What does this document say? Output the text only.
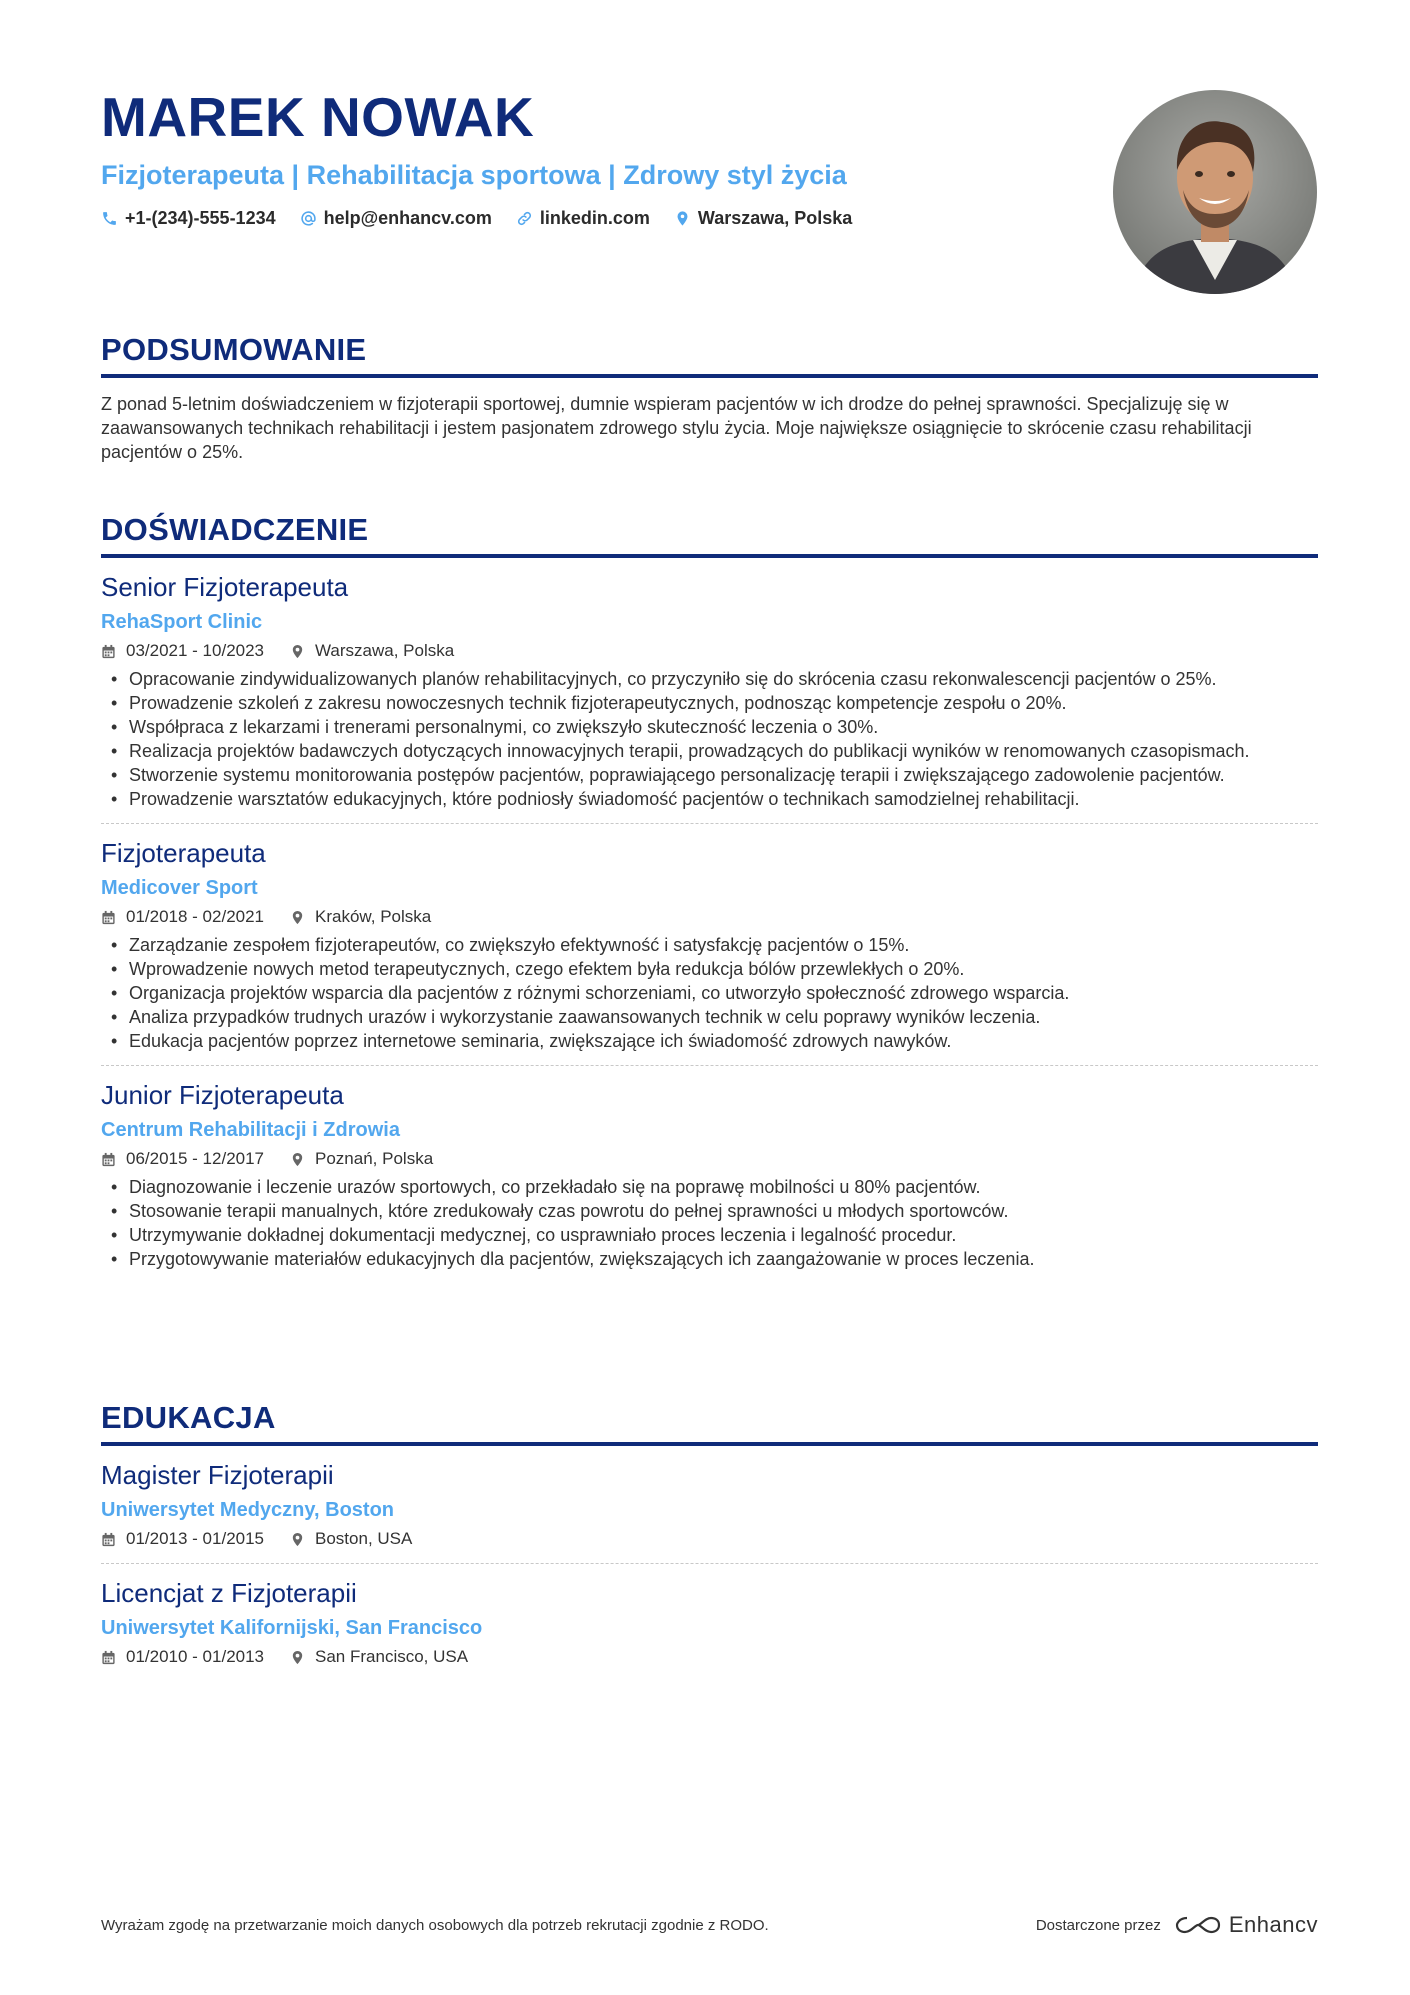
MAREK NOWAK
Fizjoterapeuta | Rehabilitacja sportowa | Zdrowy styl życia
+1-(234)-555-1234	help@enhancv.com	linkedin.com	Warszawa, Polska
PODSUMOWANIE

Z ponad 5-letnim doświadczeniem w fizjoterapii sportowej, dumnie wspieram pacjentów w ich drodze do pełnej sprawności. Specjalizuję się w zaawansowanych technikach rehabilitacji i jestem pasjonatem zdrowego stylu życia. Moje największe osiągnięcie to skrócenie czasu rehabilitacji pacjentów o 25%.

DOŚWIADCZENIE
Senior Fizjoterapeuta
RehaSport Clinic
03/2021 - 10/2023	Warszawa, Polska
• Opracowanie zindywidualizowanych planów rehabilitacyjnych, co przyczyniło się do skrócenia czasu rekonwalescencji pacjentów o 25%.
• Prowadzenie szkoleń z zakresu nowoczesnych technik fizjoterapeutycznych, podnosząc kompetencje zespołu o 20%.
• Współpraca z lekarzami i trenerami personalnymi, co zwiększyło skuteczność leczenia o 30%.
• Realizacja projektów badawczych dotyczących innowacyjnych terapii, prowadzących do publikacji wyników w renomowanych czasopismach.
• Stworzenie systemu monitorowania postępów pacjentów, poprawiającego personalizację terapii i zwiększającego zadowolenie pacjentów.
• Prowadzenie warsztatów edukacyjnych, które podniosły świadomość pacjentów o technikach samodzielnej rehabilitacji.
Fizjoterapeuta
Medicover Sport
01/2018 - 02/2021	Kraków, Polska
• Zarządzanie zespołem fizjoterapeutów, co zwiększyło efektywność i satysfakcję pacjentów o 15%.
• Wprowadzenie nowych metod terapeutycznych, czego efektem była redukcja bólów przewlekłych o 20%.
• Organizacja projektów wsparcia dla pacjentów z różnymi schorzeniami, co utworzyło społeczność zdrowego wsparcia.
• Analiza przypadków trudnych urazów i wykorzystanie zaawansowanych technik w celu poprawy wyników leczenia.
• Edukacja pacjentów poprzez internetowe seminaria, zwiększające ich świadomość zdrowych nawyków.
Junior Fizjoterapeuta
Centrum Rehabilitacji i Zdrowia
06/2015 - 12/2017	Poznań, Polska
• Diagnozowanie i leczenie urazów sportowych, co przekładało się na poprawę mobilności u 80% pacjentów.
• Stosowanie terapii manualnych, które zredukowały czas powrotu do pełnej sprawności u młodych sportowców.
• Utrzymywanie dokładnej dokumentacji medycznej, co usprawniało proces leczenia i legalność procedur.
• Przygotowywanie materiałów edukacyjnych dla pacjentów, zwiększających ich zaangażowanie w proces leczenia.
EDUKACJA
Magister Fizjoterapii
Uniwersytet Medyczny, Boston
01/2013 - 01/2015	Boston, USA
Licencjat z Fizjoterapii
Uniwersytet Kalifornijski, San Francisco
01/2010 - 01/2013	San Francisco, USA
Wyrażam zgodę na przetwarzanie moich danych osobowych dla potrzeb rekrutacji zgodnie z RODO.	Dostarczone przez	Enhancv
